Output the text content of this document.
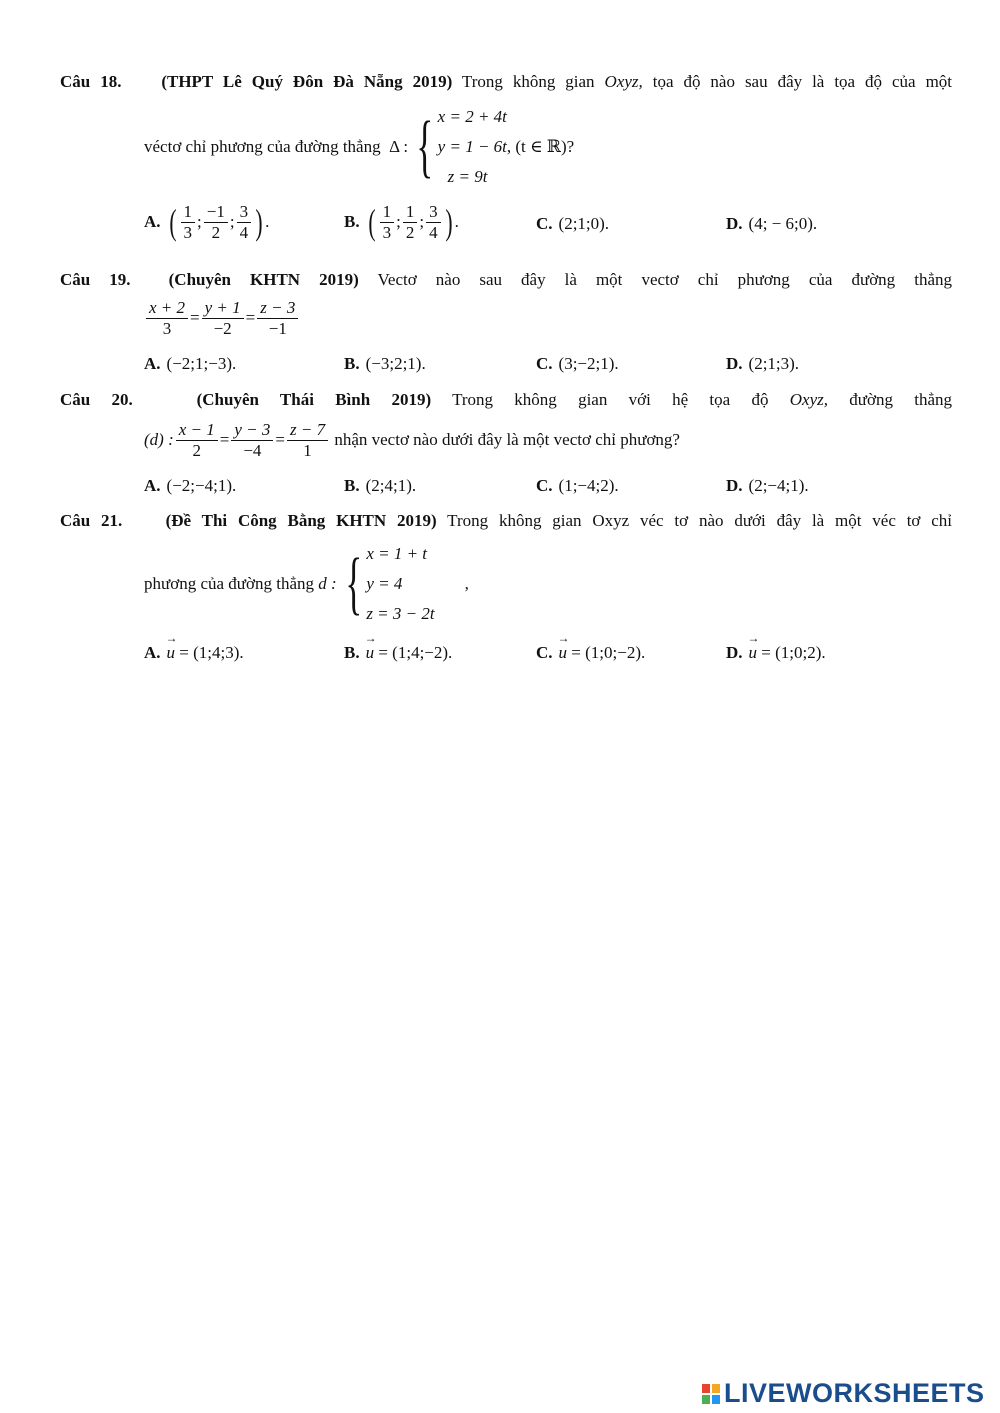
Câu 18. (THPT Lê Quý Đôn Đà Nẵng 2019) Trong không gian Oxyz, tọa độ nào sau đây là tọa độ của một
véctơ chỉ phương của đường thẳng
Δ : { x = 2 + 4t
y = 1 − 6t
z = 9t
, (t ∈ ℝ)?
A. ( $\frac{1}{3}$ ; $\frac{-1}{2}$ ; $\frac{3}{4}$ ) .	B. ( $\frac{1}{3}$ ; $\frac{1}{2}$ ; $\frac{3}{4}$ ) .	C. (2;1;0).	D. (4; − 6;0).
Câu 19. (Chuyên KHTN 2019) Vectơ nào sau đây là một vectơ chỉ phương của đường thẳng
$\frac{x + 2}{3} = \frac{y + 1}{-2} = \frac{z - 3}{-1}$
A. (−2;1;−3).	B. (−3;2;1).	C. (3;−2;1).	D. (2;1;3).
Câu 20.	(Chuyên Thái Bình 2019) Trong không gian với hệ tọa độ Oxyz, đường thẳng
(d) : $\frac{x - 1}{2} = \frac{y - 3}{-4} = \frac{z - 7}{1}$
nhận vectơ nào dưới đây là một vectơ chỉ phương?
A. (−2;−4;1).	B. (2;4;1).	C. (1;−4;2).	D. (2;−4;1).
Câu 21.	(Đề Thi Công Bằng KHTN 2019) Trong không gian Oxyz véc tơ nào dưới đây là một véc tơ chỉ
phương của đường thẳng
d : { x = 1 + t
y = 4
z = 3 − 2t
,
A. → u
= (1;4;3).	B. → u
= (1;4;−2).	C. → u
= (1;0;−2).	D. → u
= (1;0;2).
LIVEWORKSHEETS
